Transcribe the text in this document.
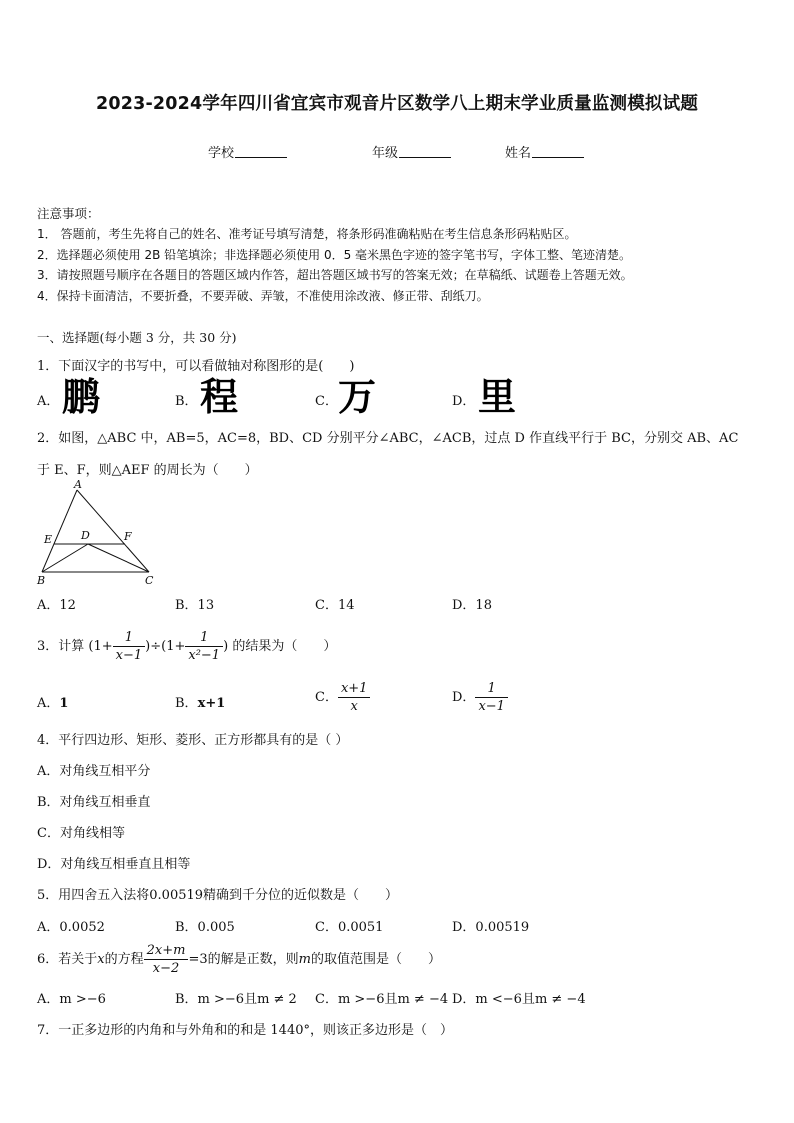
2023-2024学年四川省宜宾市观音片区数学八上期末学业质量监测模拟试题
学校	年级	姓名
注意事项：
1． 答题前，考生先将自己的姓名、准考证号填写清楚，将条形码准确粘贴在考生信息条形码粘贴区。
2．选择题必须使用 2B 铅笔填涂；非选择题必须使用 0．5 毫米黑色字迹的签字笔书写，字体工整、笔迹清楚。
3．请按照题号顺序在各题目的答题区域内作答，超出答题区域书写的答案无效；在草稿纸、试题卷上答题无效。
4．保持卡面清洁，不要折叠，不要弄破、弄皱，不准使用涂改液、修正带、刮纸刀。
一、选择题(每小题 3 分，共 30 分)
1．下面汉字的书写中，可以看做轴对称图形的是(　　)
A． 鹏	B． 程	C． 万	D． 里
2．如图，△ABC 中，AB=5，AC=8，BD、CD 分别平分∠ABC，∠ACB，过点 D 作直线平行于 BC，分别交 AB、AC
于 E、F，则△AEF 的周长为（　　）
A
B	C
D
E	F
A．12	B．13	C．14	D．18
3．计算 $(1+ \frac{1}{x-1} )\div(1+ \frac{1}{\text{x²−1}}$ ) 的结果为（　　）
A．1	B．x+1	C． $\frac{x+1}{x}$	D． $\frac{1}{x-1}$
4．平行四边形、矩形、菱形、正方形都具有的是（ ）
A．对角线互相平分
B．对角线互相垂直
C．对角线相等
D．对角线互相垂直且相等
5．用四舍五入法将0.00519精确到千分位的近似数是（　　）
A．0.0052	B．0.005	C．0.0051	D．0.00519
6．若关于x的方程 $\frac{2x+m}{x-2} =3$的解是正数，则m的取值范围是（　　）
A．m >−6	B．m >−6且m ≠ 2 C．m >−6且m ≠ −4 D．m <−6且m ≠ −4
7．一正多边形的内角和与外角和的和是 1440°，则该正多边形是（　）
